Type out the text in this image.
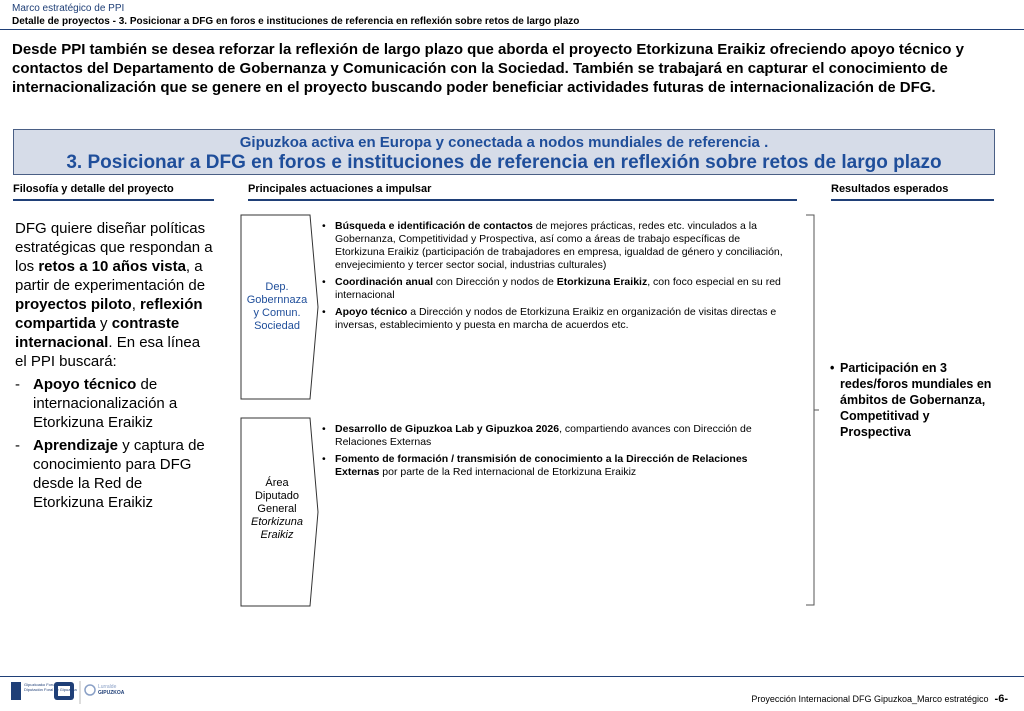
Marco estratégico de PPI
Detalle de proyectos - 3. Posicionar a DFG en foros e instituciones de referencia en reflexión sobre retos de largo plazo
Desde PPI también se desea reforzar la reflexión de largo plazo que aborda el proyecto Etorkizuna Eraikiz ofreciendo apoyo técnico y contactos del Departamento de Gobernanza y Comunicación con la Sociedad. También se trabajará en capturar el conocimiento de internacionalización que se genere en el proyecto buscando poder beneficiar actividades futuras de internacionalización de DFG.
Gipuzkoa activa en Europa y conectada a nodos mundiales de referencia .
3. Posicionar a DFG en foros e instituciones de referencia en reflexión sobre retos de largo plazo
Filosofía y detalle del proyecto	Principales actuaciones a impulsar	Resultados esperados

DFG quiere diseñar políticas estratégicas que respondan a los retos a 10 años vista, a partir de experimentación de proyectos piloto, reflexión compartida y contraste internacional. En esa línea el PPI buscará:

- Apoyo técnico de internacionalización a Etorkizuna Eraikiz
- Aprendizaje y captura de conocimiento para DFG desde la Red de Etorkizuna Eraikiz
Dep.
Gobernnaza
y Comun.
Sociedad
Área
Diputado
General
Etorkizuna
Eraikiz
• Búsqueda e identificación de contactos de mejores prácticas, redes etc. vinculados a la Gobernanza, Competitividad y Prospectiva, así como a áreas de trabajo específicas de Etorkizuna Eraikiz (participación de trabajadores en empresa, igualdad de género y conciliación, envejecimiento y tercer sector social, industrias culturales)
• Coordinación anual con Dirección y nodos de Etorkizuna Eraikiz, con foco especial en su red internacional
• Apoyo técnico a Dirección y nodos de Etorkizuna Eraikiz en organización de visitas directas e inversas, establecimiento y puesta en marcha de acuerdos etc.
• Desarrollo de Gipuzkoa Lab y Gipuzkoa 2026, compartiendo avances con Dirección de Relaciones Externas
• Fomento de formación / transmisión de conocimiento a la Dirección de Relaciones Externas por parte de la Red internacional de Etorkizuna Eraikiz
• Participación en 3 redes/foros mundiales en ámbitos de Gobernanza, Competitivad y Prospectiva
Gipuzkoako Foru Aldundia
Diputación Foral de Gipuzkoa	Lurralde
GIPUZKOA
Proyección Internacional DFG Gipuzkoa_Marco estratégico -6-
